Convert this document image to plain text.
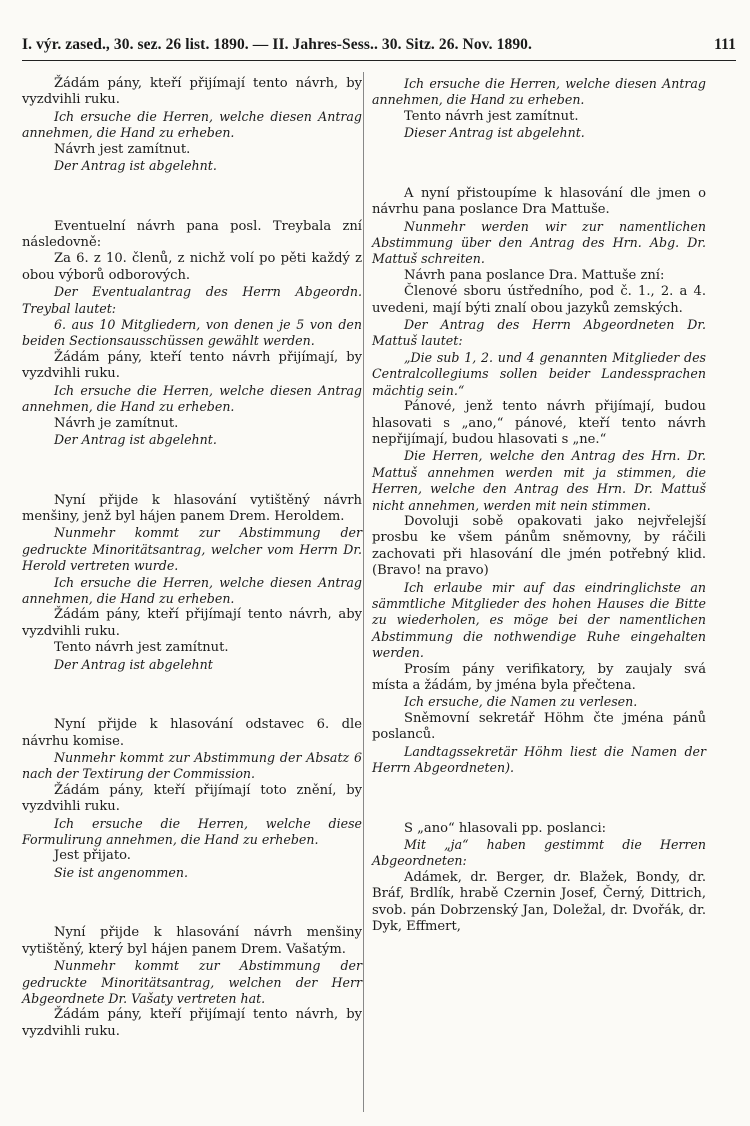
I. výr. zased., 30. sez. 26 list. 1890. — II. Jahres-Sess.. 30. Sitz. 26. Nov. 1890.	111

Žádám pány, kteří přijímají tento návrh, by vyzdvihli ruku.

Ich ersuche die Herren, welche diesen Antrag annehmen, die Hand zu erheben.

Návrh jest zamítnut.

Der Antrag ist abgelehnt.

Eventuelní návrh pana posl. Treybala zní následovně:

Za 6. z 10. členů, z nichž volí po pěti každý z obou výborů odborových.

Der Eventualantrag des Herrn Abgeordn. Treybal lautet:

6. aus 10 Mitgliedern, von denen je 5 von den beiden Sectionsausschüssen gewählt werden.

Žádám pány, kteří tento návrh přijímají, by vyzdvihli ruku.

Ich ersuche die Herren, welche diesen Antrag annehmen, die Hand zu erheben.

Návrh je zamítnut.

Der Antrag ist abgelehnt.

Nyní přijde k hlasování vytištěný návrh menšiny, jenž byl hájen panem Drem. Heroldem.

Nunmehr kommt zur Abstimmung der gedruckte Minoritätsantrag, welcher vom Herrn Dr. Herold vertreten wurde.

Ich ersuche die Herren, welche diesen Antrag annehmen, die Hand zu erheben.

Žádám pány, kteří přijímají tento návrh, aby vyzdvihli ruku.

Tento návrh jest zamítnut.

Der Antrag ist abgelehnt

Nyní přijde k hlasování odstavec 6. dle návrhu komise.

Nunmehr kommt zur Abstimmung der Absatz 6 nach der Textirung der Commission.

Žádám pány, kteří přijímají toto znění, by vyzdvihli ruku.

Ich ersuche die Herren, welche diese Formulirung annehmen, die Hand zu erheben.

Jest přijato.

Sie ist angenommen.

Nyní přijde k hlasování návrh menšiny vytištěný, který byl hájen panem Drem. Vašatým.

Nunmehr kommt zur Abstimmung der gedruckte Minoritätsantrag, welchen der Herr Abgeordnete Dr. Vašaty vertreten hat.

Žádám pány, kteří přijímají tento návrh, by vyzdvihli ruku.

Ich ersuche die Herren, welche diesen Antrag annehmen, die Hand zu erheben.

Tento návrh jest zamítnut.

Dieser Antrag ist abgelehnt.

A nyní přistoupíme k hlasování dle jmen o návrhu pana poslance Dra Mattuše.

Nunmehr werden wir zur namentlichen Abstimmung über den Antrag des Hrn. Abg. Dr. Mattuš schreiten.

Návrh pana poslance Dra. Mattuše zní:

Členové sboru ústředního, pod č. 1., 2. a 4. uvedeni, mají býti znalí obou jazyků zemských.

Der Antrag des Herrn Abgeordneten Dr. Mattuš lautet:

„Die sub 1, 2. und 4 genannten Mitglieder des Centralcollegiums sollen beider Landessprachen mächtig sein.“

Pánové, jenž tento návrh přijímají, budou hlasovati s „ano,“ pánové, kteří tento návrh nepřijímají, budou hlasovati s „ne.“

Die Herren, welche den Antrag des Hrn. Dr. Mattuš annehmen werden mit ja stimmen, die Herren, welche den Antrag des Hrn. Dr. Mattuš nicht annehmen, werden mit nein stimmen.

Dovoluji sobě opakovati jako nejvřelejší prosbu ke všem pánům sněmovny, by ráčili zachovati při hlasování dle jmén potřebný klid. (Bravo! na pravo)

Ich erlaube mir auf das eindringlichste an sämmtliche Mitglieder des hohen Hauses die Bitte zu wiederholen, es möge bei der namentlichen Abstimmung die nothwendige Ruhe eingehalten werden.

Prosím pány verifikatory, by zaujaly svá místa a žádám, by jména byla přečtena.

Ich ersuche, die Namen zu verlesen.

Sněmovní sekretář Höhm čte jména pánů poslanců.

Landtagssekretär Höhm liest die Namen der Herrn Abgeordneten).

S „ano“ hlasovali pp. poslanci:

Mit „ja“ haben gestimmt die Herren Abgeordneten:

Adámek, dr. Berger, dr. Blažek, Bondy, dr. Bráf, Brdlík, hrabě Czernin Josef, Černý, Dittrich, svob. pán Dobrzenský Jan, Doležal, dr. Dvořák, dr. Dyk, Effmert,
